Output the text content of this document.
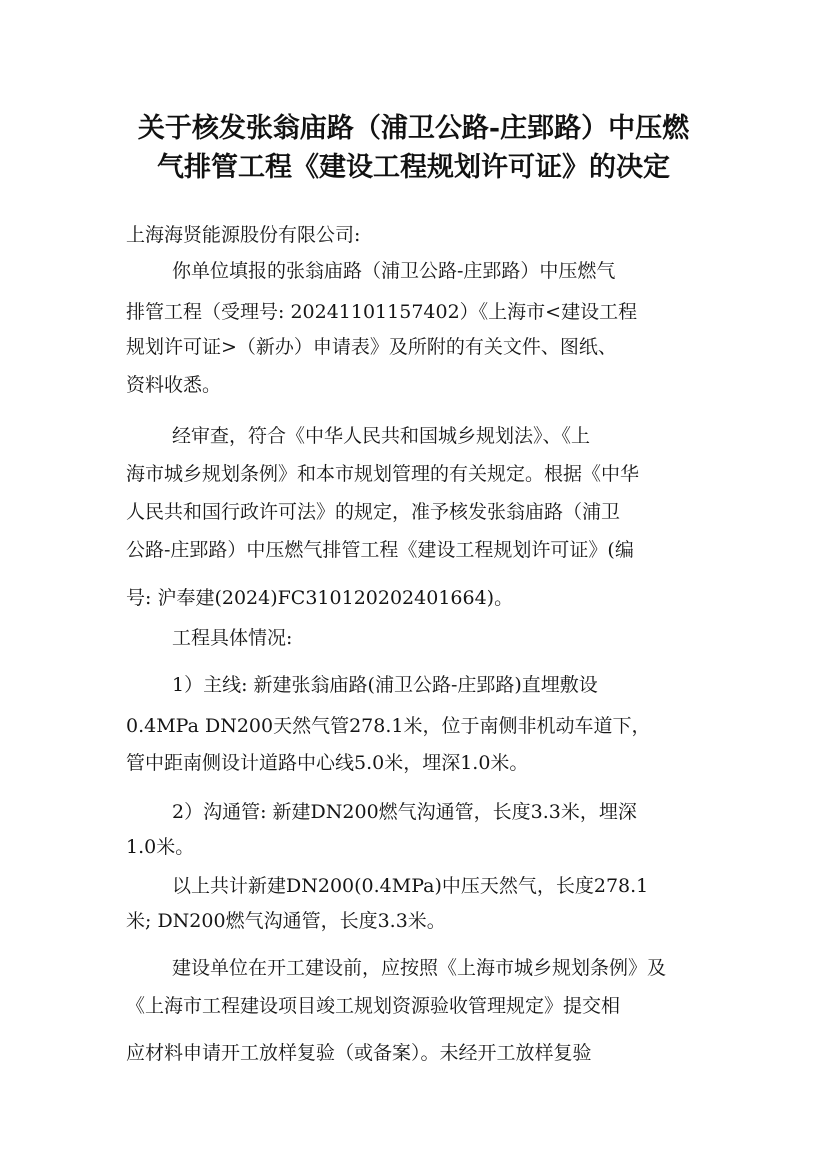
关于核发张翁庙路（浦卫公路-庄郢路）中压燃
气排管工程《建设工程规划许可证》的决定
上海海贤能源股份有限公司:
你单位填报的张翁庙路（浦卫公路-庄郢路）中压燃气
排管工程（受理号: 20241101157402）《上海市<建设工程
规划许可证>（新办）申请表》及所附的有关文件、图纸、
资料收悉。
经审查，符合《中华人民共和国城乡规划法》、《上
海市城乡规划条例》和本市规划管理的有关规定。根据《中华
人民共和国行政许可法》的规定，准予核发张翁庙路（浦卫
公路-庄郢路）中压燃气排管工程《建设工程规划许可证》(编
号: 沪奉建(2024)FC310120202401664)。
工程具体情况:
1）主线: 新建张翁庙路(浦卫公路-庄郢路)直埋敷设
0.4MPa DN200天然气管278.1米，位于南侧非机动车道下，
管中距南侧设计道路中心线5.0米，埋深1.0米。
2）沟通管: 新建DN200燃气沟通管，长度3.3米，埋深
1.0米。
以上共计新建DN200(0.4MPa)中压天然气，长度278.1
米; DN200燃气沟通管，长度3.3米。
建设单位在开工建设前，应按照《上海市城乡规划条例》及
《上海市工程建设项目竣工规划资源验收管理规定》提交相
应材料申请开工放样复验（或备案）。未经开工放样复验
